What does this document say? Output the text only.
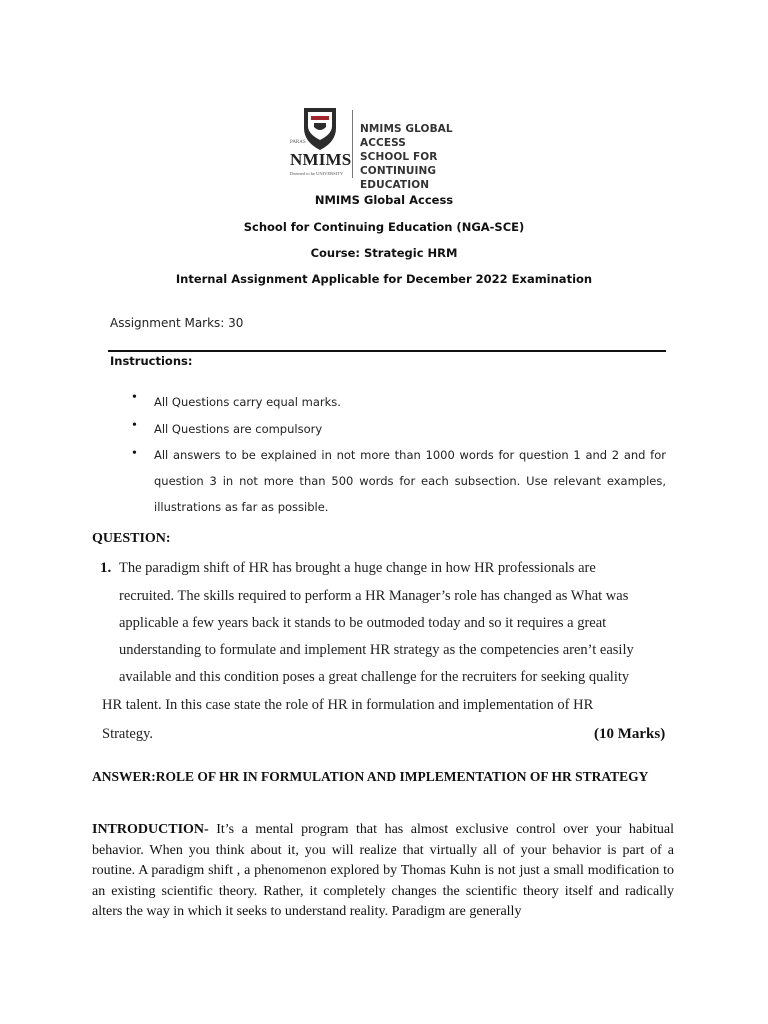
PARAS
NMIMS
Deemed to be UNIVERSITY
NMIMS GLOBAL ACCESS
SCHOOL FOR
CONTINUING EDUCATION
NMIMS Global Access
School for Continuing Education (NGA-SCE)
Course: Strategic HRM
Internal Assignment Applicable for December 2022 Examination
Assignment Marks: 30
Instructions:
• All Questions carry equal marks.
• All Questions are compulsory
• All answers to be explained in not more than 1000 words for question 1 and 2 and for question 3 in not more than 500 words for each subsection. Use relevant examples, illustrations as far as possible.
QUESTION:
1. The paradigm shift of HR has brought a huge change in how HR professionals are
recruited. The skills required to perform a HR Manager’s role has changed as What was
applicable a few years back it stands to be outmoded today and so it requires a great
understanding to formulate and implement HR strategy as the competencies aren’t easily
available and this condition poses a great challenge for the recruiters for seeking quality
HR talent. In this case state the role of HR in formulation and implementation of HR
Strategy.	(10 Marks)
ANSWER:ROLE OF HR IN FORMULATION AND IMPLEMENTATION OF HR STRATEGY
INTRODUCTION- It’s a mental program that has almost exclusive control over your habitual behavior. When you think about it, you will realize that virtually all of your behavior is part of a routine. A paradigm shift , a phenomenon explored by Thomas Kuhn is not just a small modification to an existing scientific theory. Rather, it completely changes the scientific theory itself and radically alters the way in which it seeks to understand reality. Paradigm are generally
